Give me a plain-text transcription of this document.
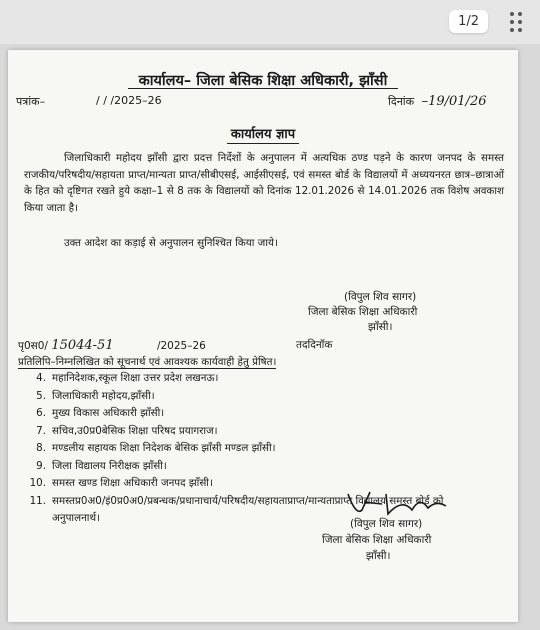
1/2
कार्यालय– जिला बेसिक शिक्षा अधिकारी, झाँसी
पत्रांक–	/ / /2025–26	दिनांक –19/01/26
कार्यालय ज्ञाप

जिलाधिकारी महोदय झाँसी द्वारा प्रदत्त निर्देशों के अनुपालन में अत्यधिक ठण्ड पड़ने के कारण जनपद के समस्त राजकीय/परिषदीय/सहायता प्राप्त/मान्यता प्राप्त/सीबीएसई, आईसीएसई, एवं समस्त बोर्ड के विद्यालयों में अध्ययनरत छात्र–छात्राओं के हित को दृष्टिगत रखते हुये कक्षा–1 से 8 तक के विद्यालयों को दिनांक 12.01.2026 से 14.01.2026 तक विशेष अवकाश किया जाता है।

उक्त आदेश का कड़ाई से अनुपालन सुनिश्चित किया जाये।

(विपुल शिव सागर)
जिला बेसिक शिक्षा अधिकारी
झाँसी।
पृ0स0/ 15044-51	/2025–26	तददिनॉक
प्रतिलिपि–निम्नलिखित को सूचनार्थ एवं आवश्यक कार्यवाही हेतु प्रेषित।
4. महानिदेशक,स्कूल शिक्षा उत्तर प्रदेश लखनऊ।
5. जिलाधिकारी महोदय,झाँसी।
6. मुख्य विकास अधिकारी झाँसी।
7. सचिव,उ0प्र0बेसिक शिक्षा परिषद प्रयागराज।
8. मण्डलीय सहायक शिक्षा निदेशक बेसिक झाँसी मण्डल झाँसी।
9. जिला विद्यालय निरीक्षक झाँसी।
10. समस्त खण्ड शिक्षा अधिकारी जनपद झाँसी।
11. समस्तप्र0अ0/इं0प्र0अ0/प्रबन्धक/प्रधानाचार्य/परिषदीय/सहायताप्राप्त/मान्यताप्राप्त विद्यालय समस्त बोर्ड को अनुपालनार्थ।	(विपुल शिव सागर)
जिला बेसिक शिक्षा अधिकारी
झाँसी।
